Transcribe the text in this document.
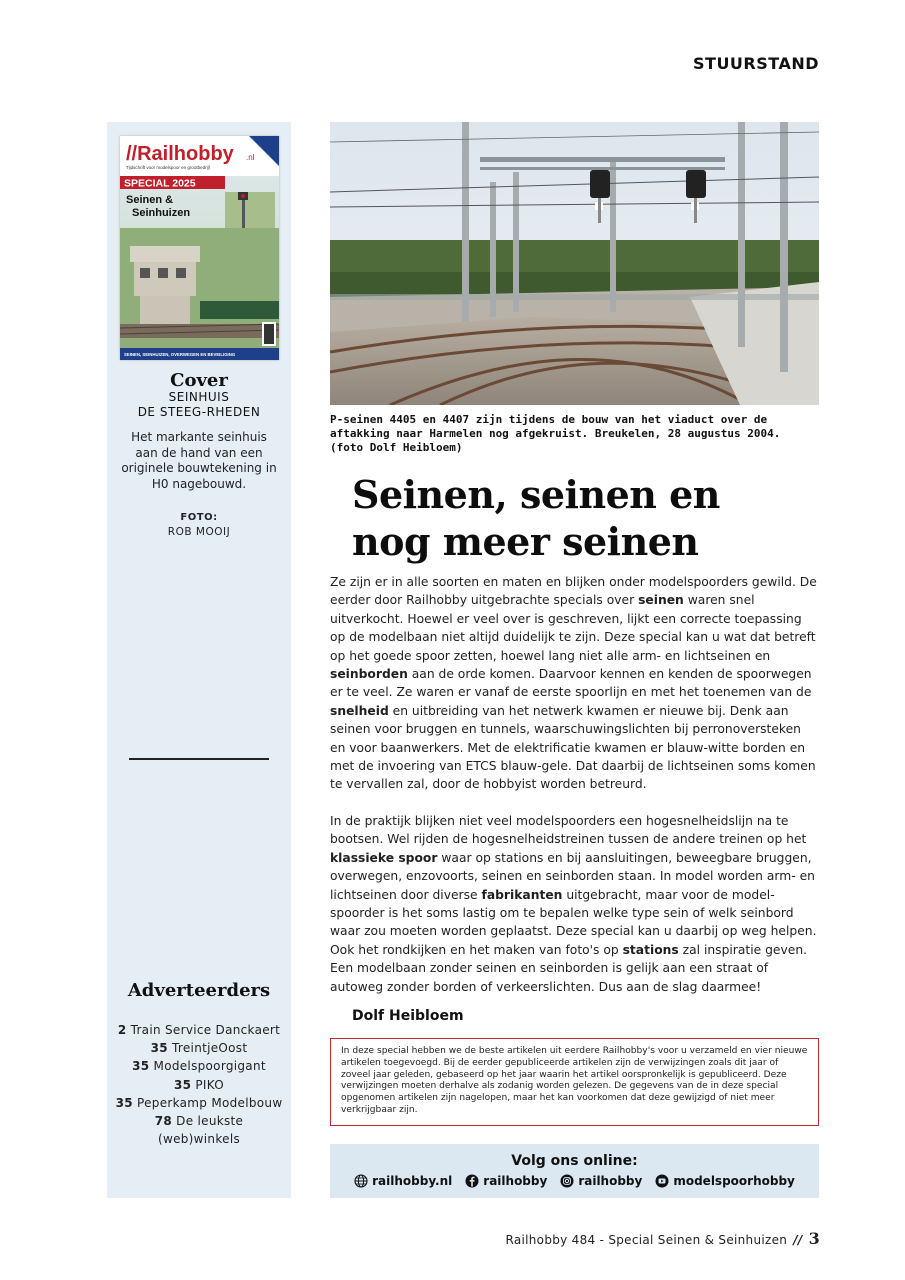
STUURSTAND
//Railhobby .nl
Tijdschrift voor modelspoor en grootbedrijf
SPECIAL 2025
Seinen &
Seinhuizen
SEINEN, SEINHUIZEN, OVERWEGEN EN BEVEILIGING
Cover
SEINHUIS
DE STEEG-RHEDEN
Het markante seinhuis aan de hand van een originele bouwtekening in H0 nagebouwd.
FOTO:
ROB MOOIJ
Adverteerders
2 Train Service Danckaert
35 TreintjeOost
35 Modelspoorgigant
35 PIKO
35 Peperkamp Modelbouw
78 De leukste (web)winkels
P-seinen 4405 en 4407 zijn tijdens de bouw van het viaduct over de aftakking naar Harmelen nog afgekruist. Breukelen, 28 augustus 2004. (foto Dolf Heibloem)
Seinen, seinen en
nog meer seinen

Ze zijn er in alle soorten en maten en blijken onder modelspoorders gewild. De eerder door Railhobby uitgebrachte specials over seinen waren snel uitverkocht. Hoewel er veel over is geschreven, lijkt een correcte toepassing op de modelbaan niet altijd duidelijk te zijn. Deze special kan u wat dat betreft op het goede spoor zetten, hoewel lang niet alle arm- en lichtseinen en seinborden aan de orde komen. Daarvoor kennen en kenden de spoorwegen er te veel. Ze waren er vanaf de eerste spoorlijn en met het toenemen van de snelheid en uitbreiding van het netwerk kwamen er nieuwe bij. Denk aan seinen voor bruggen en tunnels, waarschuwingslichten bij perronoversteken en voor baanwerkers. Met de elektrificatie kwamen er blauw-witte borden en met de invoering van ETCS blauw-gele. Dat daarbij de lichtseinen soms komen te vervallen zal, door de hobbyist worden betreurd.

In de praktijk blijken niet veel modelspoorders een hogesnelheidslijn na te bootsen. Wel rijden de hogesnelheidstreinen tussen de andere treinen op het klassieke spoor waar op stations en bij aansluitingen, beweegbare bruggen, overwegen, enzovoorts, seinen en seinborden staan. In model worden arm- en lichtseinen door diverse fabrikanten uitgebracht, maar voor de model-spoorder is het soms lastig om te bepalen welke type sein of welk seinbord waar zou moeten worden geplaatst. Deze special kan u daarbij op weg helpen. Ook het rondkijken en het maken van foto's op stations zal inspiratie geven. Een modelbaan zonder seinen en seinborden is gelijk aan een straat of autoweg zonder borden of verkeerslichten. Dus aan de slag daarmee!

Dolf Heibloem
In deze special hebben we de beste artikelen uit eerdere Railhobby's voor u verzameld en vier nieuwe artikelen toegevoegd. Bij de eerder gepubliceerde artikelen zijn de verwijzingen zoals dit jaar of zoveel jaar geleden, gebaseerd op het jaar waarin het artikel oorspronkelijk is gepubliceerd. Deze verwijzingen moeten derhalve als zodanig worden gelezen. De gegevens van de in deze special opgenomen artikelen zijn nagelopen, maar het kan voorkomen dat deze gewijzigd of niet meer verkrijgbaar zijn.
Volg ons online:
railhobby.nl	railhobby	railhobby	modelspoorhobby
Railhobby 484 - Special Seinen & Seinhuizen // 3
